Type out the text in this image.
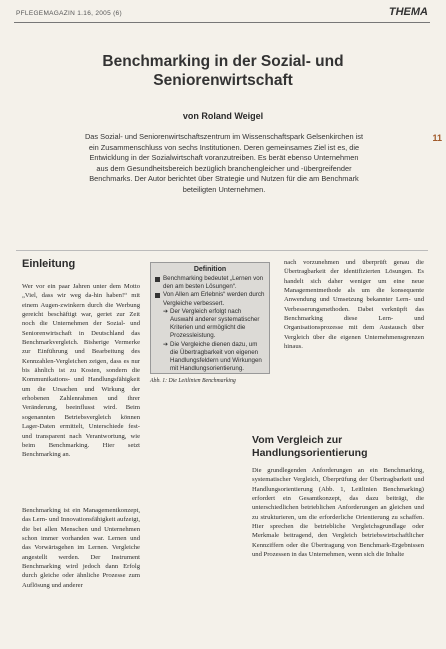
PFLEGEMAGAZIN 1.16, 2005 (6)	THEMA
11
Benchmarking in der Sozial- und
Seniorenwirtschaft
von Roland Weigel
Das Sozial- und Seniorenwirtschaftszentrum im Wissenschaftspark Gelsenkirchen ist ein Zusammenschluss von sechs Institutionen. Deren gemeinsames Ziel ist es, die Entwicklung in der Sozialwirtschaft voranzutreiben. Es berät ebenso Unternehmen aus dem Gesundheitsbereich bezüglich branchengleicher und -übergreifender Benchmarks. Der Autor berichtet über Strategie und Nutzen für die am Benchmark beteiligten Unternehmen.
Einleitung
Wer vor ein paar Jahren unter dem Motto „Viel, dass wir weg da-hin haben!“ mit einem Augen-zwinkern durch die Werbung gereicht beschäftigt war, geriet zur Zeit noch die Unternehmen der Sozial- und Seniorenwirtschaft in Deutschland das Benchmarkvergleich. Bisherige Vermerke zur Einführung und Bearbeitung des Kennzahlen-Vergleichen zeigen, dass es nur bis ähnlich ist zu Kosten, sondern die Kommunikations- und Handlungsfähigkeit um die Ursachen und Wirkung der erhobenen Zahlenrahmen und ihrer Veränderung, beeinflusst wird. Beim sogenannten Betriebsvergleich können Lager-Daten ermittelt, Unterschiede fest- und transparent nach Verantwortung, wie beim Benchmarking. Hier setzt Benchmarking an.
Benchmarking ist ein Managementkonzept, das Lern- und Innovationsfähigkeit aufzeigt, die bei allen Menschen und Unternehmen schon immer vorhanden war. Lernen und das Vorwärtsgehen im Lernen. Vergleiche angestellt werden. Der Instrument Benchmarking wird jedoch dann Erfolg durch gleiche oder ähnliche Prozesse zum Auflösung und anderer
Definition
Benchmarking bedeutet „Lernen von den am besten Lösungen“.
Von Allen am Erlebnis“ werden durch Vergleiche verbessert.
➔ Der Vergleich erfolgt nach Auswahl anderer systematischer Kriterien und ermöglicht die Prozessleistung.
➔ Die Vergleiche dienen dazu, um die Übertragbarkeit von eigenen Handlungsfeldern und Wirkungen mit Handlungsorientierung.
Abb. 1: Die Leitlinien Benchmarking
nach vorzunehmen und überprüft genau die Übertragbarkeit der identifizierten Lösungen. Es handelt sich daher weniger um eine neue Managementmethode als um die konsequente Anwendung und Umsetzung bekannter Lern- und Verbesserungsmethoden. Dabei verknüpft das Benchmarking diese Lern- und Organisationsprozesse mit dem Austausch über Vergleich über die eigenen Unternehmensgrenzen hinaus.
Vom Vergleich zur
Handlungsorientierung
Die grundlegenden Anforderungen an ein Benchmarking, systematischer Vergleich, Überprüfung der Übertragbarkeit und Handlungsorientierung (Abb. 1, Leitlinien Benchmarking) erfordert ein Gesamtkonzept, das dazu beiträgt, die unterschiedlichen betrieblichen Anforderungen an gleichen und zu strukturieren, um die erforderliche Orientierung zu schaffen. Hier sprechen die betriebliche Vergleichsgrundlage oder Merkmale beitragend, den Vergleich betriebswirtschaftlicher Kennziffern oder die Übertragung von Benchmark-Ergebnissen und Prozessen in das Unternehmen, wenn sich die Inhalte
